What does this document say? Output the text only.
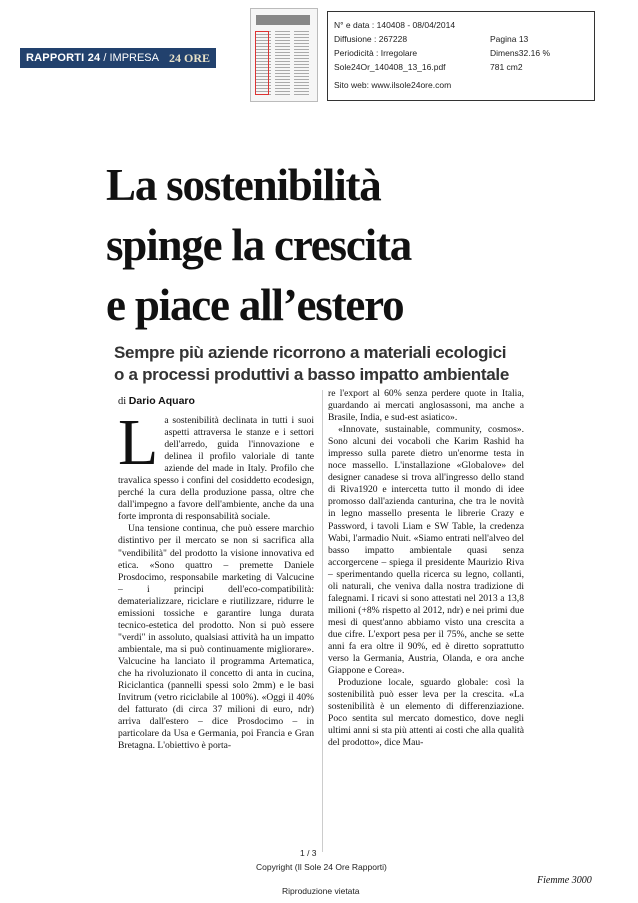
RAPPORTI 24 / IMPRESA 24 ORE
N° e data : 140408 - 08/04/2014
Diffusione : 267228	Pagina 13
Periodicità : Irregolare	Dimens32.16 %
Sole24Or_140408_13_16.pdf	781 cm2
Sito web: www.ilsole24ore.com
La sostenibilità
spinge la crescita
e piace all’estero
Sempre più aziende ricorrono a materiali ecologici
o a processi produttivi a basso impatto ambientale
di Dario Aquaro

La sostenibilità declinata in tutti i suoi aspetti attraversa le stanze e i settori dell'arredo, guida l'innovazione e delinea il profilo valoriale di tante aziende del made in Italy. Profilo che travalica spesso i confini del cosiddetto ecodesign, perché la cura della produzione passa, oltre che dall'impegno a favore dell'ambiente, anche da una forte impronta di responsabilità sociale.

Una tensione continua, che può essere marchio distintivo per il mercato se non si sacrifica alla "vendibilità" del prodotto la visione innovativa ed etica. «Sono quattro – premette Daniele Prosdocimo, responsabile marketing di Valcucine – i principi dell'eco-compatibilità: dematerializzare, riciclare e riutilizzare, ridurre le emissioni tossiche e garantire lunga durata tecnico-estetica del prodotto. Non si può essere "verdi" in assoluto, qualsiasi attività ha un impatto ambientale, ma si può continuamente migliorare». Valcucine ha lanciato il programma Artematica, che ha rivoluzionato il concetto di anta in cucina, Riciclantica (pannelli spessi solo 2mm) e le basi Invitrum (vetro riciclabile al 100%). «Oggi il 40% del fatturato (di circa 37 milioni di euro, ndr) arriva dall'estero – dice Prosdocimo – in particolare da Usa e Germania, poi Francia e Gran Bretagna. L'obiettivo è porta-

re l'export al 60% senza perdere quote in Italia, guardando ai mercati anglosassoni, ma anche a Brasile, India, e sud-est asiatico».

«Innovate, sustainable, community, cosmos». Sono alcuni dei vocaboli che Karim Rashid ha impresso sulla parete dietro un'enorme testa in noce massello. L'installazione «Globalove» del designer canadese si trova all'ingresso dello stand di Riva1920 e intercetta tutto il mondo di idee promosso dall'azienda canturina, che tra le novità in legno massello presenta le librerie Crazy e Password, i tavoli Liam e SW Table, la credenza Wabi, l'armadio Nuit. «Siamo entrati nell'alveo del basso impatto ambientale quasi senza accorgercene – spiega il presidente Maurizio Riva – sperimentando quella ricerca su legno, collanti, oli naturali, che veniva dalla nostra tradizione di falegnami. I ricavi si sono attestati nel 2013 a 13,8 milioni (+8% rispetto al 2012, ndr) e nei primi due mesi di quest'anno abbiamo visto una crescita a due cifre. L'export pesa per il 75%, anche se sette anni fa era oltre il 90%, ed è diretto soprattutto verso la Germania, Austria, Olanda, e ora anche Giappone e Corea».

Produzione locale, sguardo globale: così la sostenibilità può esser leva per la crescita. «La sostenibilità è un elemento di differenziazione. Poco sentita sul mercato domestico, dove negli ultimi anni si sta più attenti ai costi che alla qualità del prodotto», dice Mau-

1 / 3
Copyright (Il Sole 24 Ore Rapporti)
Riproduzione vietata
Fiemme 3000
